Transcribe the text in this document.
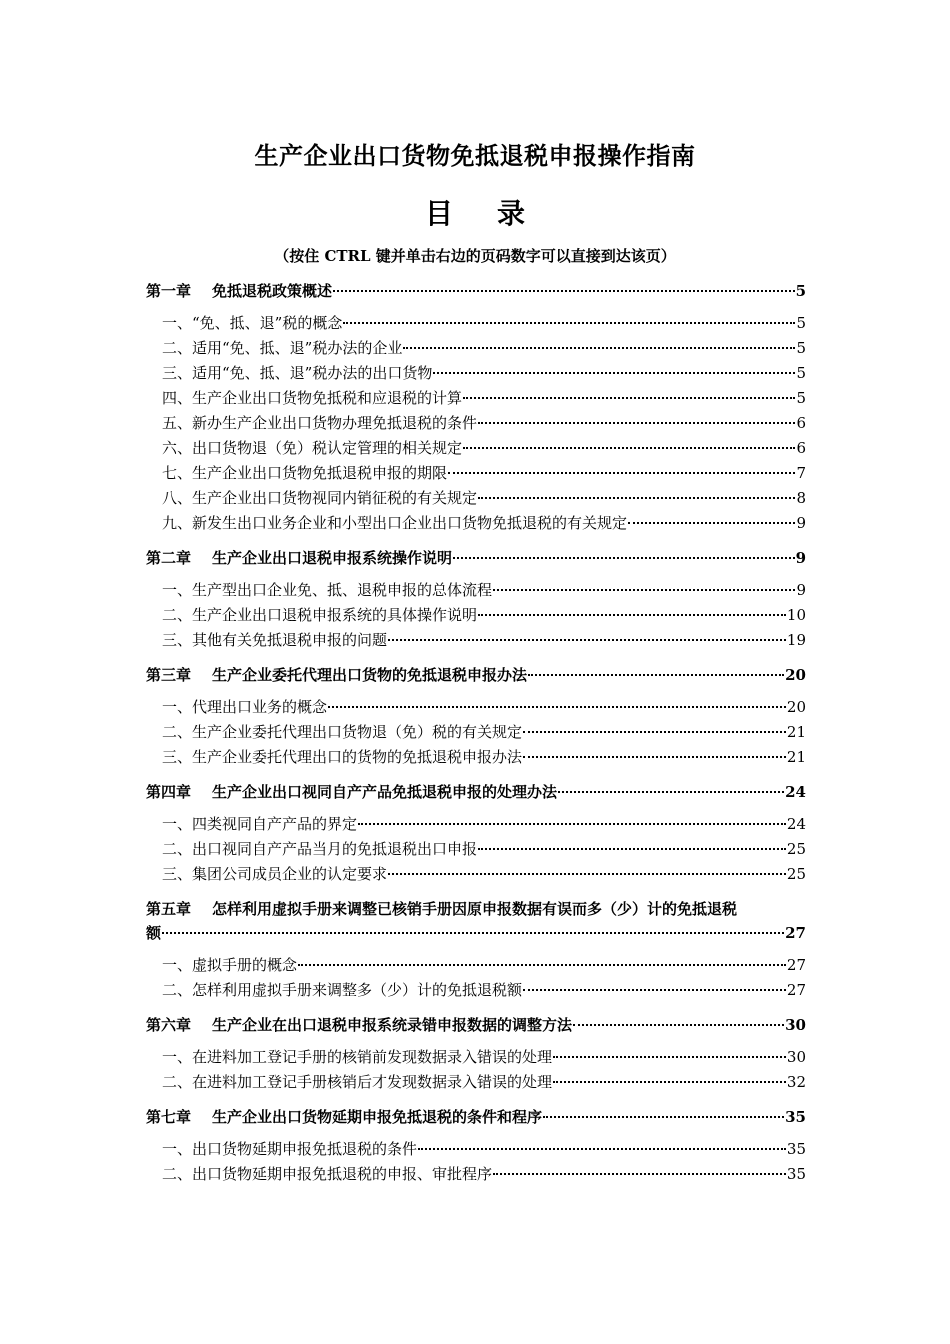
生产企业出口货物免抵退税申报操作指南
目 录
（按住 CTRL 键并单击右边的页码数字可以直接到达该页）
第一章 免抵退税政策概述	5
一、“免、抵、退”税的概念	5
二、适用“免、抵、退”税办法的企业	5
三、适用“免、抵、退”税办法的出口货物	5
四、生产企业出口货物免抵税和应退税的计算	5
五、新办生产企业出口货物办理免抵退税的条件	6
六、出口货物退（免）税认定管理的相关规定	6
七、生产企业出口货物免抵退税申报的期限	7
八、生产企业出口货物视同内销征税的有关规定	8
九、新发生出口业务企业和小型出口企业出口货物免抵退税的有关规定	9
第二章 生产企业出口退税申报系统操作说明	9
一、生产型出口企业免、抵、退税申报的总体流程	9
二、生产企业出口退税申报系统的具体操作说明	10
三、其他有关免抵退税申报的问题	19
第三章 生产企业委托代理出口货物的免抵退税申报办法	20
一、代理出口业务的概念	20
二、生产企业委托代理出口货物退（免）税的有关规定	21
三、生产企业委托代理出口的货物的免抵退税申报办法	21
第四章 生产企业出口视同自产产品免抵退税申报的处理办法	24
一、四类视同自产产品的界定	24
二、出口视同自产产品当月的免抵退税出口申报	25
三、集团公司成员企业的认定要求	25
第五章 怎样利用虚拟手册来调整已核销手册因原申报数据有误而多（少）计的免抵退税
额	27
一、虚拟手册的概念	27
二、怎样利用虚拟手册来调整多（少）计的免抵退税额	27
第六章 生产企业在出口退税申报系统录错申报数据的调整方法	30
一、在进料加工登记手册的核销前发现数据录入错误的处理	30
二、在进料加工登记手册核销后才发现数据录入错误的处理	32
第七章 生产企业出口货物延期申报免抵退税的条件和程序	35
一、出口货物延期申报免抵退税的条件	35
二、出口货物延期申报免抵退税的申报、审批程序	35
